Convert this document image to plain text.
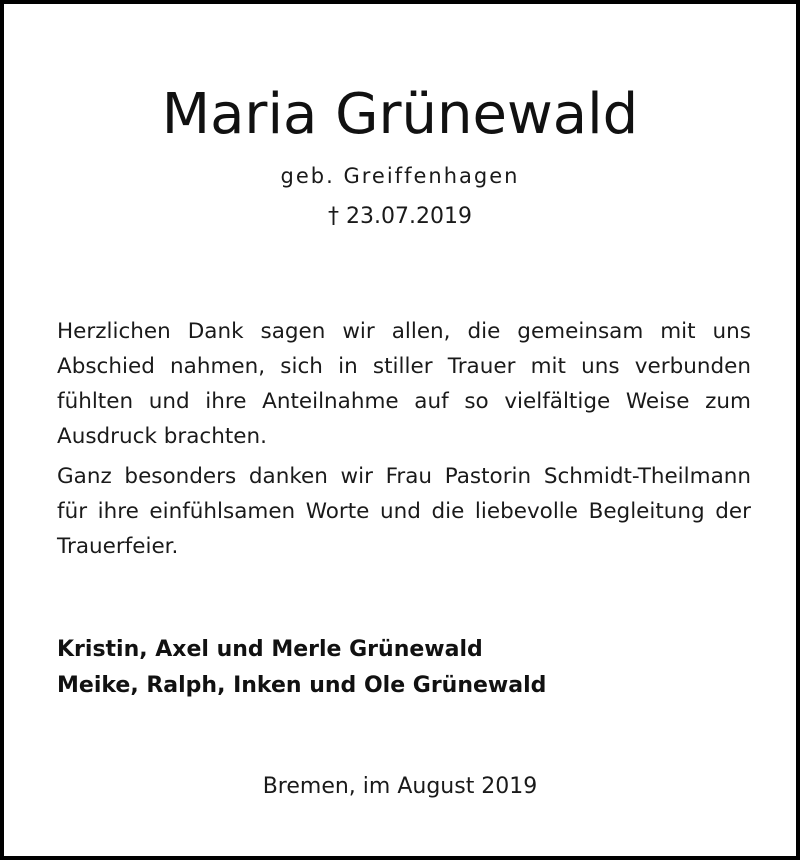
Maria Grünewald
geb. Greiffenhagen
† 23.07.2019

Herzlichen Dank sagen wir allen, die gemeinsam mit uns Abschied nahmen, sich in stiller Trauer mit uns verbunden fühlten und ihre Anteilnahme auf so vielfältige Weise zum Ausdruck brachten.

Ganz besonders danken wir Frau Pastorin Schmidt-Theilmann für ihre einfühlsamen Worte und die liebevolle Begleitung der Trauerfeier.

Kristin, Axel und Merle Grünewald
Meike, Ralph, Inken und Ole Grünewald
Bremen, im August 2019
